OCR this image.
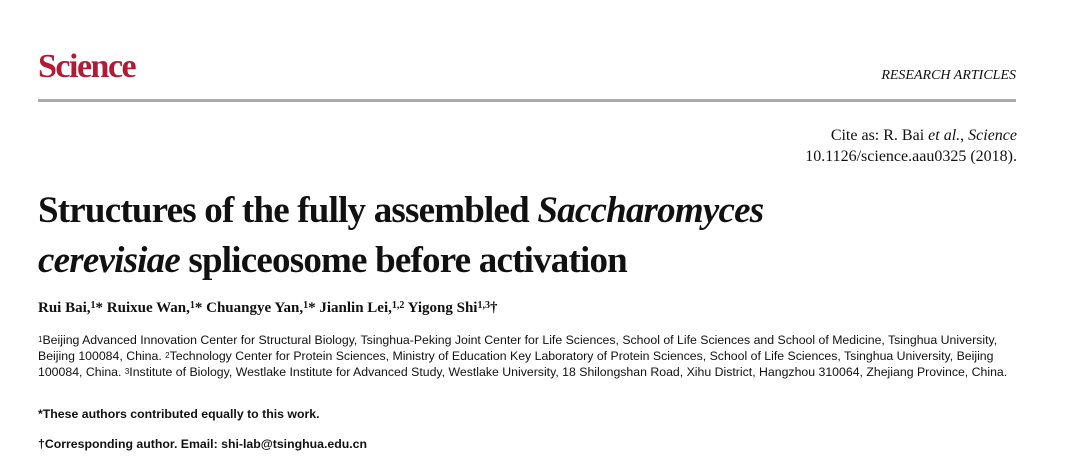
Science	RESEARCH ARTICLES
Cite as: R. Bai et al., Science
10.1126/science.aau0325 (2018).
Structures of the fully assembled Saccharomyces
cerevisiae spliceosome before activation
Rui Bai,$^1$* Ruixue Wan,$^1$* Chuangye Yan,$^1$* Jianlin Lei,$^{1,2}$ Yigong Shi$^{1,3}$†
$^1$Beijing Advanced Innovation Center for Structural Biology, Tsinghua-Peking Joint Center for Life Sciences, School of Life Sciences and School of Medicine, Tsinghua University, Beijing 100084, China. $^2$Technology Center for Protein Sciences, Ministry of Education Key Laboratory of Protein Sciences, School of Life Sciences, Tsinghua University, Beijing 100084, China. $^3$Institute of Biology, Westlake Institute for Advanced Study, Westlake University, 18 Shilongshan Road, Xihu District, Hangzhou 310064, Zhejiang Province, China.
*These authors contributed equally to this work.
†Corresponding author. Email: shi-lab@tsinghua.edu.cn
